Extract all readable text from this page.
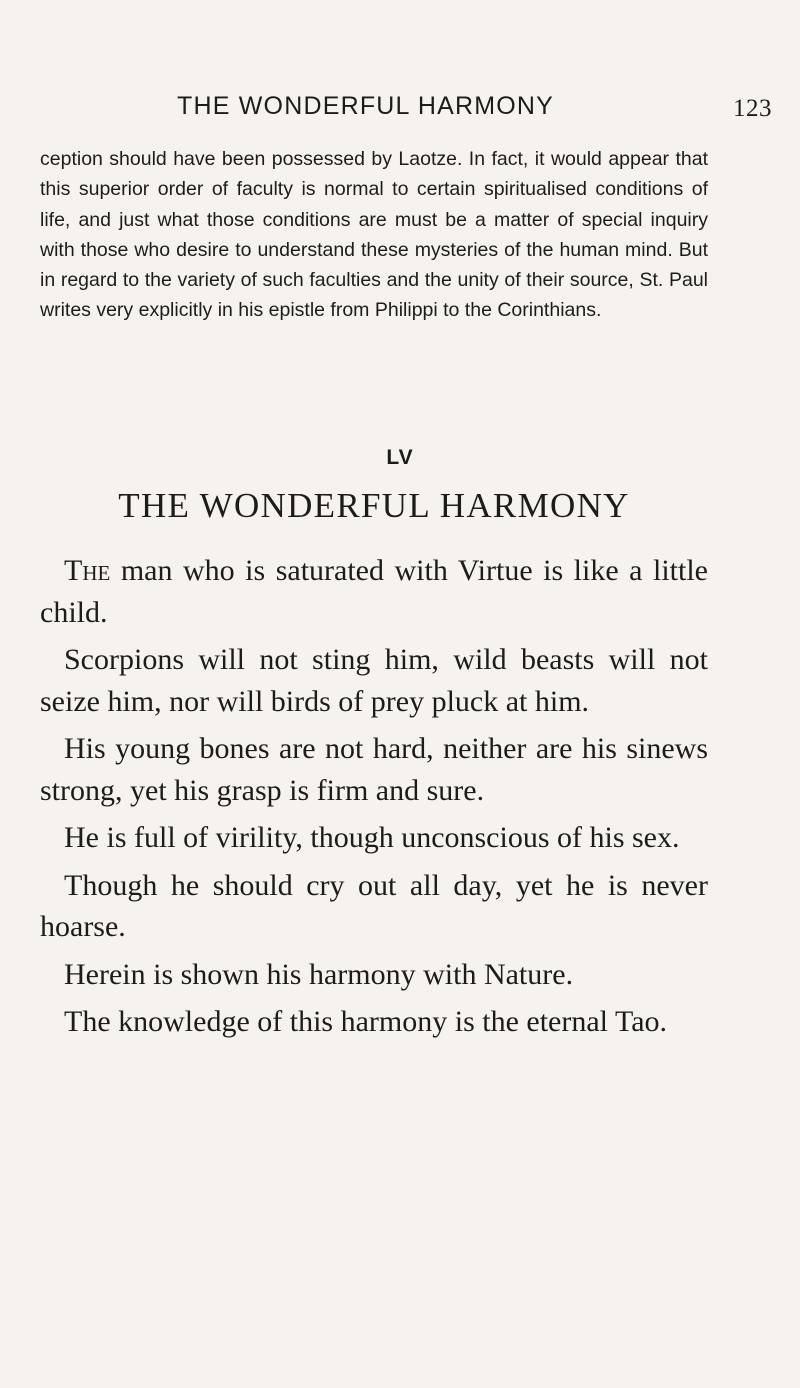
THE WONDERFUL HARMONY	123

ception should have been possessed by Laotze. In fact, it would appear that this superior order of faculty is normal to certain spiritualised conditions of life, and just what those conditions are must be a matter of special inquiry with those who desire to understand these mysteries of the human mind. But in regard to the variety of such faculties and the unity of their source, St. Paul writes very explicitly in his epistle from Philippi to the Corinthians.

LV
THE WONDERFUL HARMONY

The man who is saturated with Virtue is like a little child.

Scorpions will not sting him, wild beasts will not seize him, nor will birds of prey pluck at him.

His young bones are not hard, neither are his sinews strong, yet his grasp is firm and sure.

He is full of virility, though unconscious of his sex.

Though he should cry out all day, yet he is never hoarse.

Herein is shown his harmony with Nature.

The knowledge of this harmony is the eternal Tao.
